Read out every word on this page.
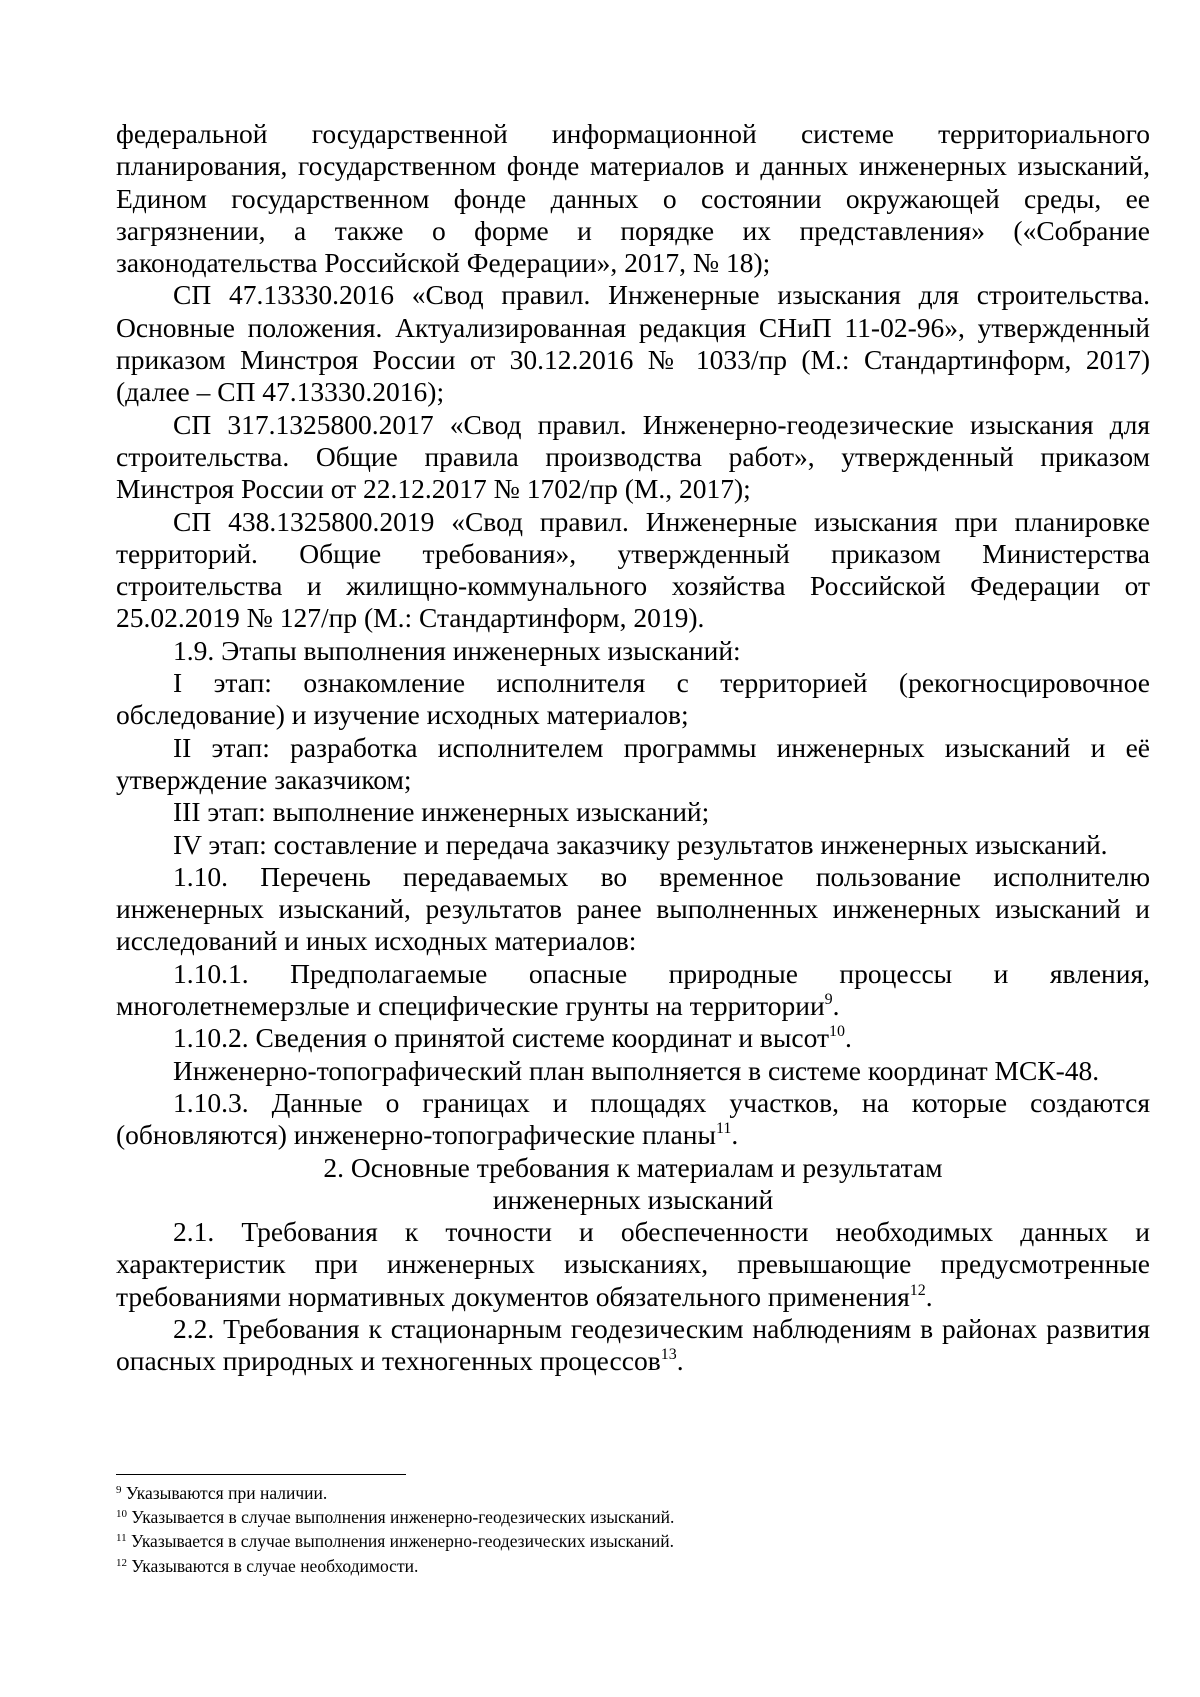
федеральной государственной информационной системе территориального планирования, государственном фонде материалов и данных инженерных изысканий, Едином государственном фонде данных о состоянии окружающей среды, ее загрязнении, а также о форме и порядке их представления» («Собрание законодательства Российской Федерации», 2017, № 18);

СП 47.13330.2016 «Свод правил. Инженерные изыскания для строительства. Основные положения. Актуализированная редакция СНиП 11-02-96», утвержденный приказом Минстроя России от 30.12.2016 № 1033/пр (М.: Стандартинформ, 2017) (далее – СП 47.13330.2016);

СП 317.1325800.2017 «Свод правил. Инженерно-геодезические изыскания для строительства. Общие правила производства работ», утвержденный приказом Минстроя России от 22.12.2017 № 1702/пр (М., 2017);

СП 438.1325800.2019 «Свод правил. Инженерные изыскания при планировке территорий. Общие требования», утвержденный приказом Министерства строительства и жилищно-коммунального хозяйства Российской Федерации от 25.02.2019 № 127/пр (М.: Стандартинформ, 2019).

1.9. Этапы выполнения инженерных изысканий:

I этап: ознакомление исполнителя с территорией (рекогносцировочное обследование) и изучение исходных материалов;

II этап: разработка исполнителем программы инженерных изысканий и её утверждение заказчиком;

III этап: выполнение инженерных изысканий;

IV этап: составление и передача заказчику результатов инженерных изысканий.

1.10. Перечень передаваемых во временное пользование исполнителю инженерных изысканий, результатов ранее выполненных инженерных изысканий и исследований и иных исходных материалов:

1.10.1. Предполагаемые опасные природные процессы и явления, многолетнемерзлые и специфические грунты на территории$^9$.

1.10.2. Сведения о принятой системе координат и высот$^{10}$.

Инженерно-топографический план выполняется в системе координат МСК-48.

1.10.3. Данные о границах и площадях участков, на которые создаются (обновляются) инженерно-топографические планы$^{11}$.

2. Основные требования к материалам и результатам

инженерных изысканий

2.1. Требования к точности и обеспеченности необходимых данных и характеристик при инженерных изысканиях, превышающие предусмотренные требованиями нормативных документов обязательного применения$^{12}$.

2.2. Требования к стационарным геодезическим наблюдениям в районах развития опасных природных и техногенных процессов$^{13}$.

$^9$ Указываются при наличии.

$^{10}$ Указывается в случае выполнения инженерно-геодезических изысканий.

$^{11}$ Указывается в случае выполнения инженерно-геодезических изысканий.

$^{12}$ Указываются в случае необходимости.
